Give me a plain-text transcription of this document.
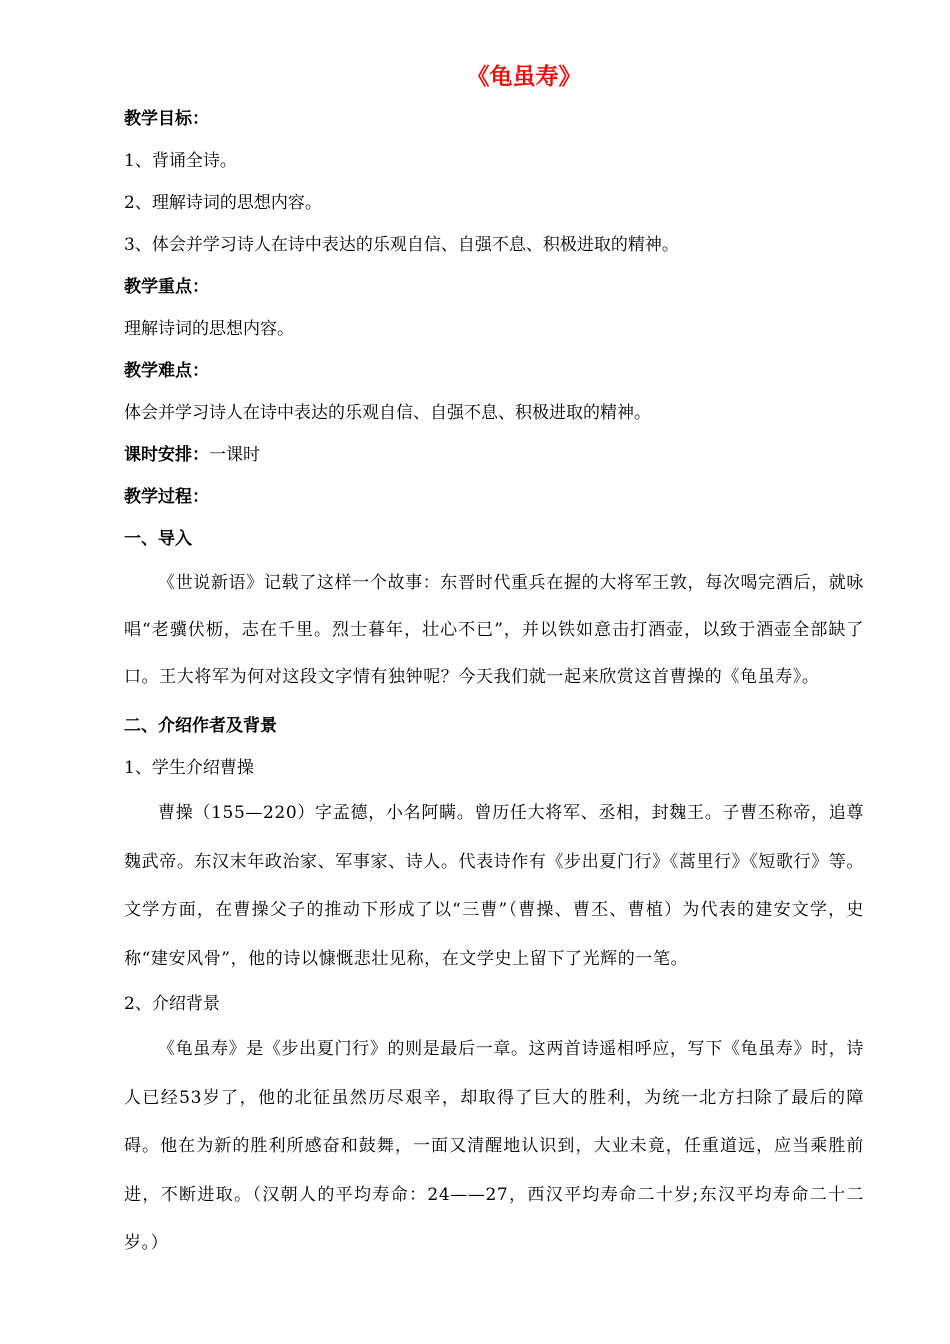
《龟虽寿》

教学目标：

1、背诵全诗。

2、理解诗词的思想内容。

3、体会并学习诗人在诗中表达的乐观自信、自强不息、积极进取的精神。

教学重点：

理解诗词的思想内容。

教学难点：

体会并学习诗人在诗中表达的乐观自信、自强不息、积极进取的精神。

课时安排：一课时

教学过程：

一、导入

《世说新语》记载了这样一个故事：东晋时代重兵在握的大将军王敦，每次喝完酒后，就咏唱“老骥伏枥，志在千里。烈士暮年，壮心不已”，并以铁如意击打酒壶，以致于酒壶全部缺了口。王大将军为何对这段文字情有独钟呢？今天我们就一起来欣赏这首曹操的《龟虽寿》。

二、介绍作者及背景

1、学生介绍曹操

曹操（155—220）字孟德，小名阿瞒。曾历任大将军、丞相，封魏王。子曹丕称帝，追尊魏武帝。东汉末年政治家、军事家、诗人。代表诗作有《步出夏门行》《蒿里行》《短歌行》等。文学方面，在曹操父子的推动下形成了以“三曹”（曹操、曹丕、曹植）为代表的建安文学，史称“建安风骨”，他的诗以慷慨悲壮见称，在文学史上留下了光辉的一笔。

2、介绍背景

《龟虽寿》是《步出夏门行》的则是最后一章。这两首诗遥相呼应，写下《龟虽寿》时，诗人已经53岁了，他的北征虽然历尽艰辛，却取得了巨大的胜利，为统一北方扫除了最后的障碍。他在为新的胜利所感奋和鼓舞，一面又清醒地认识到，大业未竟，任重道远，应当乘胜前进，不断进取。（汉朝人的平均寿命：24——27，西汉平均寿命二十岁;东汉平均寿命二十二岁。）
